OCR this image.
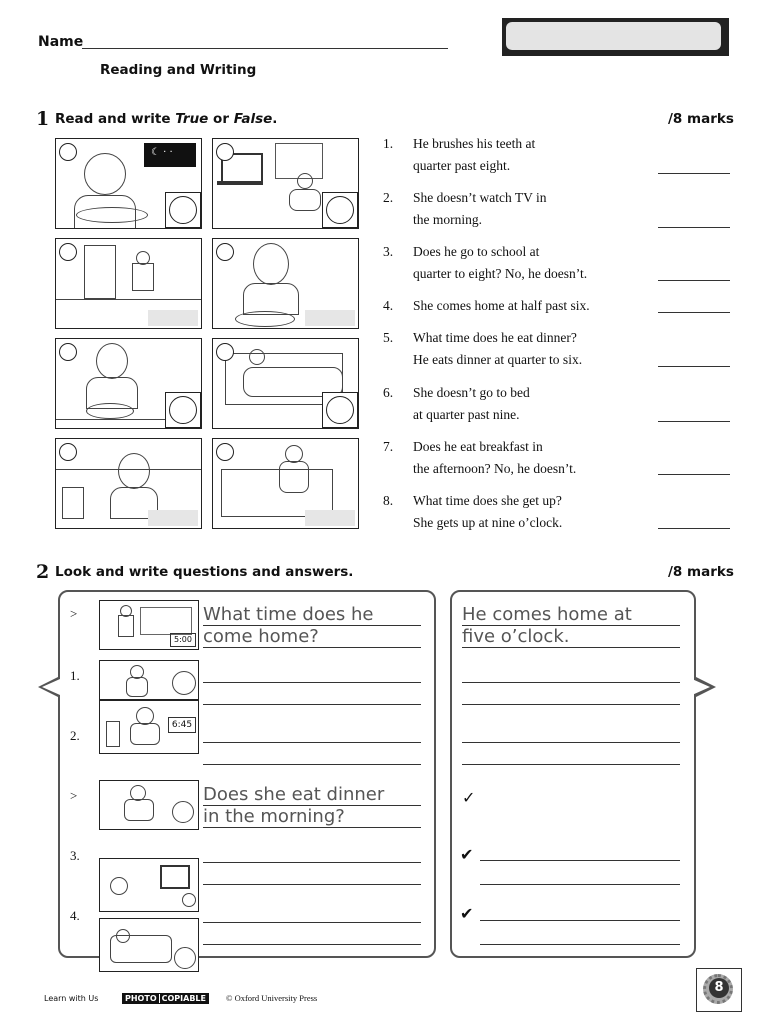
Name
Reading and Writing
1 Read and write True or False.	/8 marks
☾ · ·
1.	He brushes his teeth at
quarter past eight.
2.	She doesn’t watch TV in
the morning.
3.	Does he go to school at
quarter to eight? No, he doesn’t.
4.	She comes home at half past six.
5.	What time does he eat dinner?
He eats dinner at quarter to six.
6.	She doesn’t go to bed
at quarter past nine.
7.	Does he eat breakfast in
the afternoon? No, he doesn’t.
8.	What time does she get up?
She gets up at nine o’clock.
2 Look and write questions and answers.	/8 marks
>
5:00
What time does he
come home?
He comes home at
five o’clock.
1.
2.
6:45
>	Does she eat dinner
in the morning?
✓
3.	✔
4.	✔
Learn with Us	PHOTO COPIABLE	© Oxford University Press
8
